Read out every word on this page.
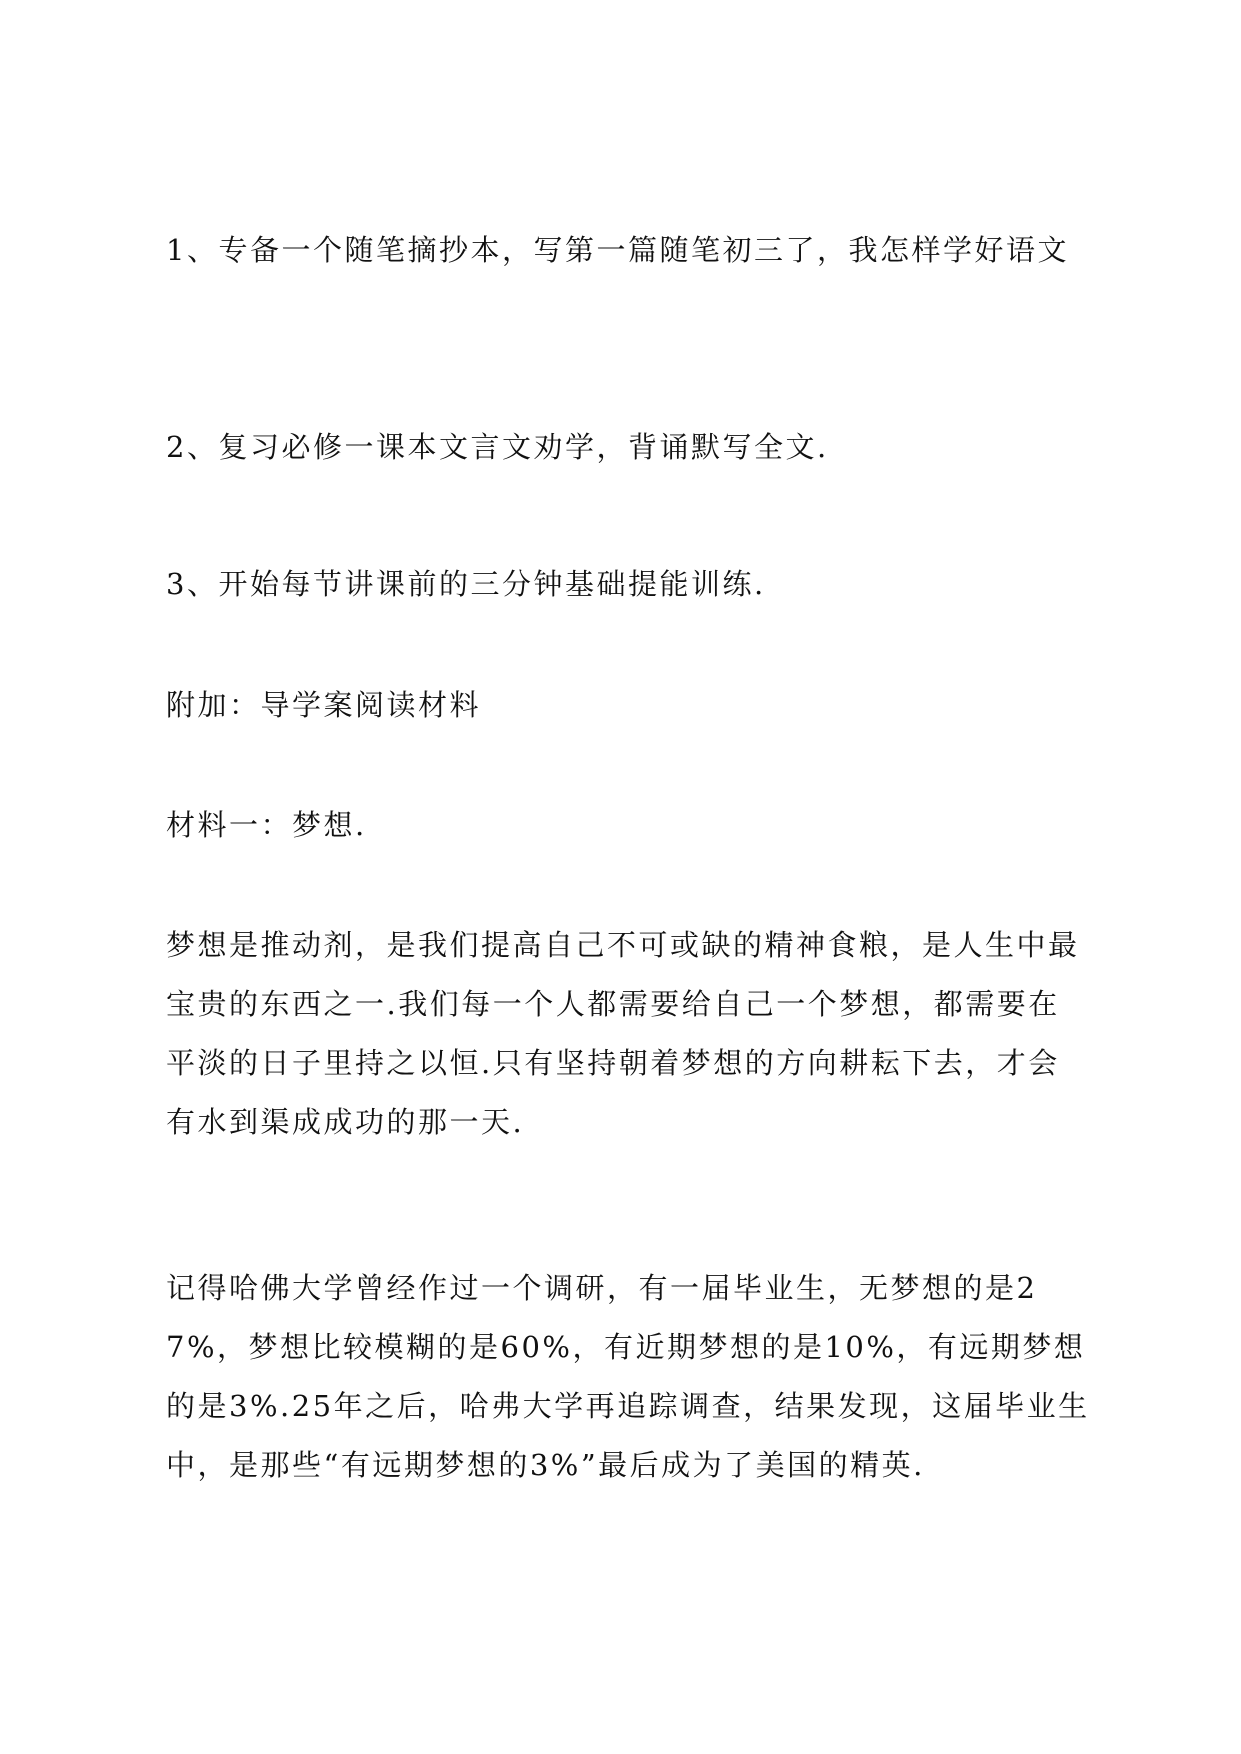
1、专备一个随笔摘抄本，写第一篇随笔初三了，我怎样学好语文

2、复习必修一课本文言文劝学，背诵默写全文.

3、开始每节讲课前的三分钟基础提能训练.

附加：导学案阅读材料

材料一：梦想.

梦想是推动剂，是我们提高自己不可或缺的精神食粮，是人生中最宝贵的东西之一.我们每一个人都需要给自己一个梦想，都需要在平淡的日子里持之以恒.只有坚持朝着梦想的方向耕耘下去，才会有水到渠成成功的那一天.

记得哈佛大学曾经作过一个调研，有一届毕业生，无梦想的是27%，梦想比较模糊的是60%，有近期梦想的是10%，有远期梦想的是3%.25年之后，哈弗大学再追踪调查，结果发现，这届毕业生中，是那些“有远期梦想的3%”最后成为了美国的精英.
